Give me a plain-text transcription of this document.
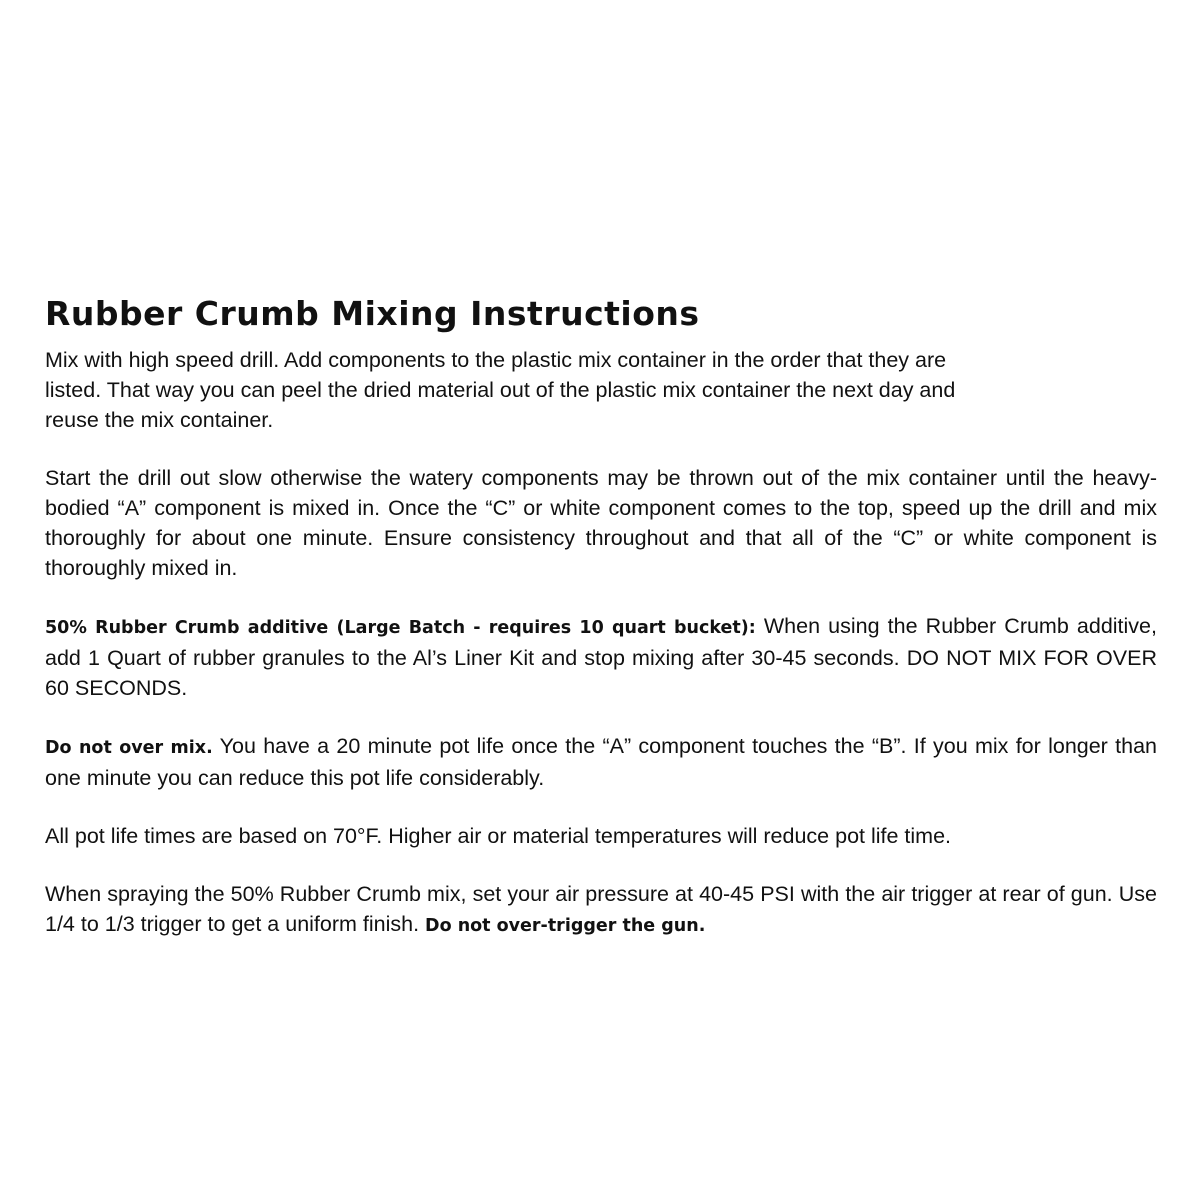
Rubber Crumb Mixing Instructions

Mix with high speed drill. Add components to the plastic mix container in the order that they are listed. That way you can peel the dried material out of the plastic mix container the next day and reuse the mix container.

Start the drill out slow otherwise the watery components may be thrown out of the mix container until the heavy-bodied “A” component is mixed in. Once the “C” or white component comes to the top, speed up the drill and mix thoroughly for about one minute. Ensure consistency throughout and that all of the “C” or white component is thoroughly mixed in.

50% Rubber Crumb additive (Large Batch - requires 10 quart bucket): When using the Rubber Crumb additive, add 1 Quart of rubber granules to the Al’s Liner Kit and stop mixing after 30-45 seconds. DO NOT MIX FOR OVER 60 SECONDS.

Do not over mix. You have a 20 minute pot life once the “A” component touches the “B”. If you mix for longer than one minute you can reduce this pot life considerably.

All pot life times are based on 70°F. Higher air or material temperatures will reduce pot life time.

When spraying the 50% Rubber Crumb mix, set your air pressure at 40-45 PSI with the air trigger at rear of gun. Use 1/4 to 1/3 trigger to get a uniform finish. Do not over-trigger the gun.
